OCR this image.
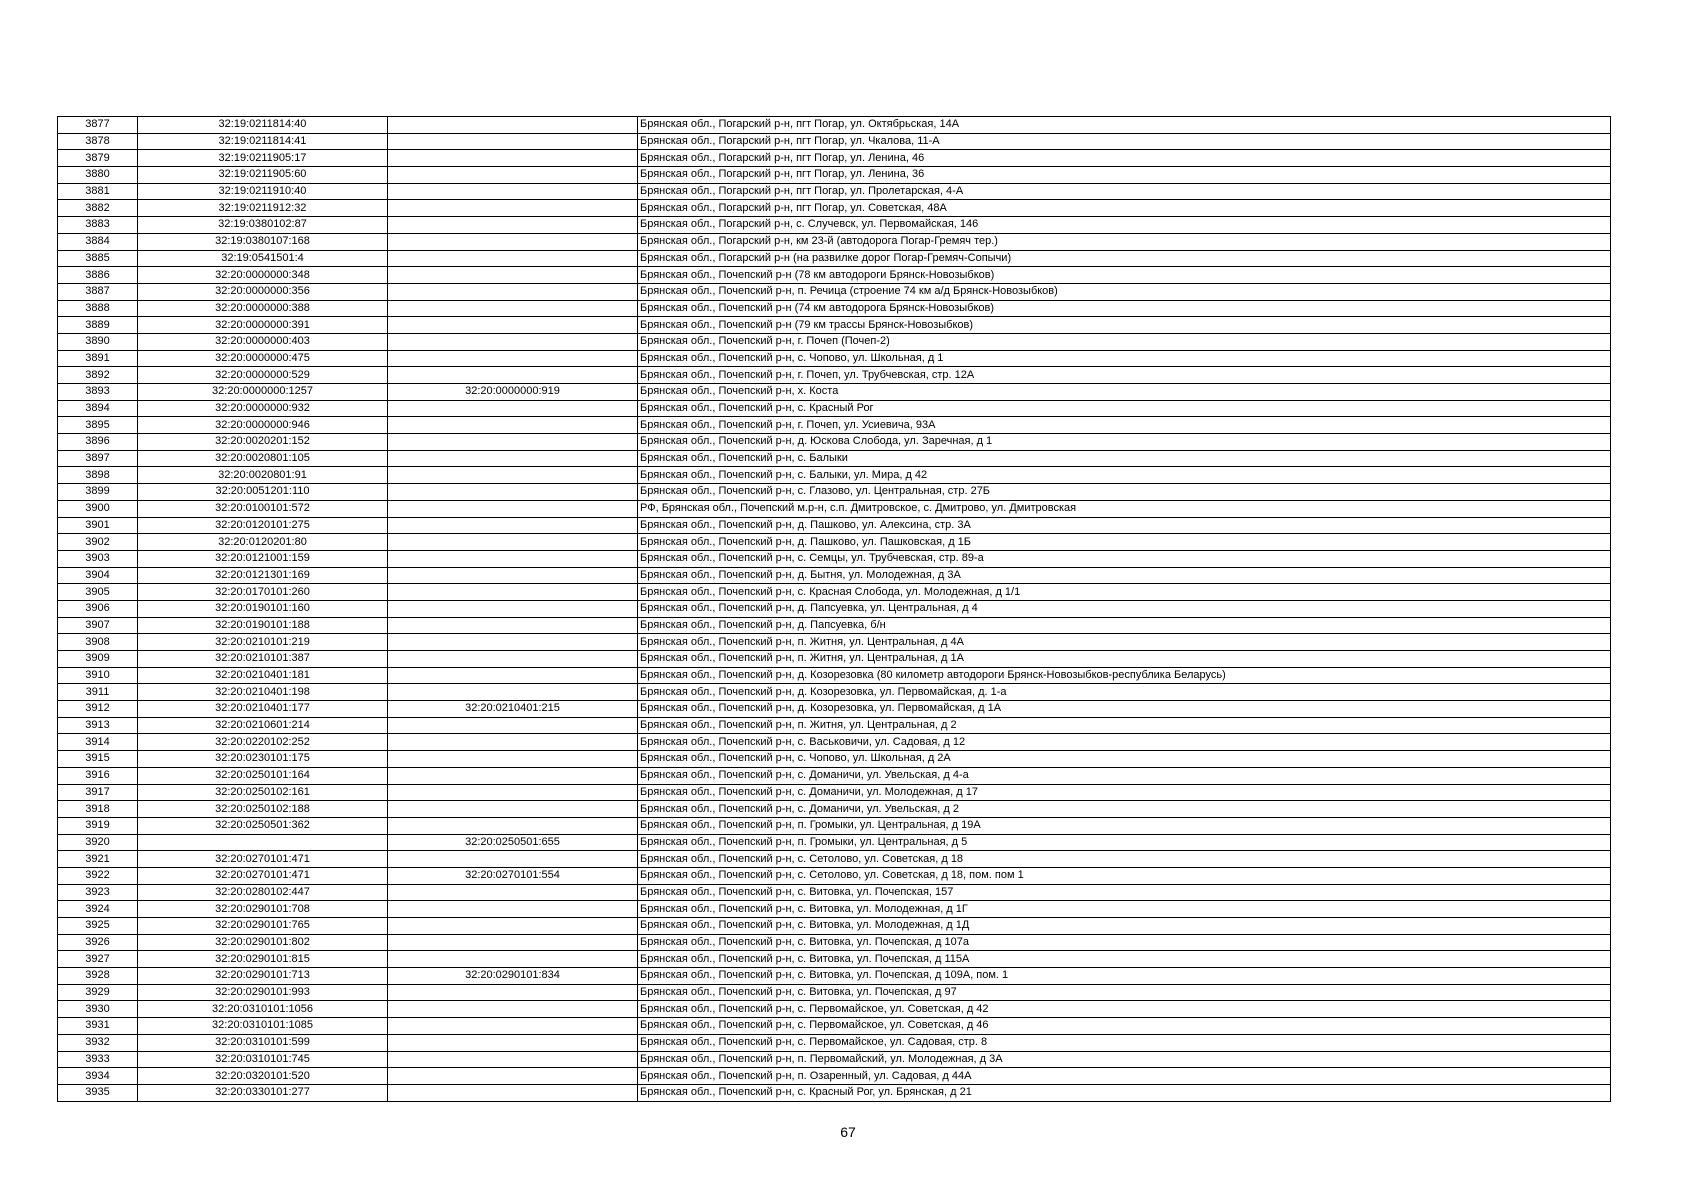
3877	32:19:0211814:40		Брянская обл., Погарский р-н, пгт Погар, ул. Октябрьская, 14А
3878	32:19:0211814:41		Брянская обл., Погарский р-н, пгт Погар, ул. Чкалова, 11-А
3879	32:19:0211905:17		Брянская обл., Погарский р-н, пгт Погар, ул. Ленина, 46
3880	32:19:0211905:60		Брянская обл., Погарский р-н, пгт Погар, ул. Ленина, 36
3881	32:19:0211910:40		Брянская обл., Погарский р-н, пгт Погар, ул. Пролетарская, 4-А
3882	32:19:0211912:32		Брянская обл., Погарский р-н, пгт Погар, ул. Советская, 48А
3883	32:19:0380102:87		Брянская обл., Погарский р-н, с. Случевск, ул. Первомайская, 146
3884	32:19:0380107:168		Брянская обл., Погарский р-н, км 23-й (автодорога Погар-Гремяч тер.)
3885	32:19:0541501:4		Брянская обл., Погарский р-н (на развилке дорог Погар-Гремяч-Сопычи)
3886	32:20:0000000:348		Брянская обл., Почепский р-н (78 км автодороги Брянск-Новозыбков)
3887	32:20:0000000:356		Брянская обл., Почепский р-н, п. Речица (строение 74 км а/д Брянск-Новозыбков)
3888	32:20:0000000:388		Брянская обл., Почепский р-н (74 км автодорога Брянск-Новозыбков)
3889	32:20:0000000:391		Брянская обл., Почепский р-н (79 км трассы Брянск-Новозыбков)
3890	32:20:0000000:403		Брянская обл., Почепский р-н, г. Почеп (Почеп-2)
3891	32:20:0000000:475		Брянская обл., Почепский р-н, с. Чопово, ул. Школьная, д 1
3892	32:20:0000000:529		Брянская обл., Почепский р-н, г. Почеп, ул. Трубчевская, стр. 12А
3893	32:20:0000000:1257	32:20:0000000:919	Брянская обл., Почепский р-н, х. Коста
3894	32:20:0000000:932		Брянская обл., Почепский р-н, с. Красный Рог
3895	32:20:0000000:946		Брянская обл., Почепский р-н, г. Почеп, ул. Усиевича, 93А
3896	32:20:0020201:152		Брянская обл., Почепский р-н, д. Юскова Слобода, ул. Заречная, д 1
3897	32:20:0020801:105		Брянская обл., Почепский р-н, с. Балыки
3898	32:20:0020801:91		Брянская обл., Почепский р-н, с. Балыки, ул. Мира, д 42
3899	32:20:0051201:110		Брянская обл., Почепский р-н, с. Глазово, ул. Центральная, стр. 27Б
3900	32:20:0100101:572		РФ, Брянская обл., Почепский м.р-н, с.п. Дмитровское, с. Дмитрово, ул. Дмитровская
3901	32:20:0120101:275		Брянская обл., Почепский р-н, д. Пашково, ул. Алексина, стр. 3А
3902	32:20:0120201:80		Брянская обл., Почепский р-н, д. Пашково, ул. Пашковская, д 1Б
3903	32:20:0121001:159		Брянская обл., Почепский р-н, с. Семцы, ул. Трубчевская, стр. 89-а
3904	32:20:0121301:169		Брянская обл., Почепский р-н, д. Бытня, ул. Молодежная, д 3А
3905	32:20:0170101:260		Брянская обл., Почепский р-н, с. Красная Слобода, ул. Молодежная, д 1/1
3906	32:20:0190101:160		Брянская обл., Почепский р-н, д. Папсуевка, ул. Центральная, д 4
3907	32:20:0190101:188		Брянская обл., Почепский р-н, д. Папсуевка, б/н
3908	32:20:0210101:219		Брянская обл., Почепский р-н, п. Житня, ул. Центральная, д 4А
3909	32:20:0210101:387		Брянская обл., Почепский р-н, п. Житня, ул. Центральная, д 1А
3910	32:20:0210401:181		Брянская обл., Почепский р-н, д. Козорезовка (80 километр автодороги Брянск-Новозыбков-республика Беларусь)
3911	32:20:0210401:198		Брянская обл., Почепский р-н, д. Козорезовка, ул. Первомайская, д. 1-а
3912	32:20:0210401:177	32:20:0210401:215	Брянская обл., Почепский р-н, д. Козорезовка, ул. Первомайская, д 1А
3913	32:20:0210601:214		Брянская обл., Почепский р-н, п. Житня, ул. Центральная, д 2
3914	32:20:0220102:252		Брянская обл., Почепский р-н, с. Васьковичи, ул. Садовая, д 12
3915	32:20:0230101:175		Брянская обл., Почепский р-н, с. Чопово, ул. Школьная, д 2А
3916	32:20:0250101:164		Брянская обл., Почепский р-н, с. Доманичи, ул. Увельская, д 4-а
3917	32:20:0250102:161		Брянская обл., Почепский р-н, с. Доманичи, ул. Молодежная, д 17
3918	32:20:0250102:188		Брянская обл., Почепский р-н, с. Доманичи, ул. Увельская, д 2
3919	32:20:0250501:362		Брянская обл., Почепский р-н, п. Громыки, ул. Центральная, д 19А
3920		32:20:0250501:655	Брянская обл., Почепский р-н, п. Громыки, ул. Центральная, д 5
3921	32:20:0270101:471		Брянская обл., Почепский р-н, с. Сетолово, ул. Советская, д 18
3922	32:20:0270101:471	32:20:0270101:554	Брянская обл., Почепский р-н, с. Сетолово, ул. Советская, д 18, пом. пом 1
3923	32:20:0280102:447		Брянская обл., Почепский р-н, с. Витовка, ул. Почепская, 157
3924	32:20:0290101:708		Брянская обл., Почепский р-н, с. Витовка, ул. Молодежная, д 1Г
3925	32:20:0290101:765		Брянская обл., Почепский р-н, с. Витовка, ул. Молодежная, д 1Д
3926	32:20:0290101:802		Брянская обл., Почепский р-н, с. Витовка, ул. Почепская, д 107а
3927	32:20:0290101:815		Брянская обл., Почепский р-н, с. Витовка, ул. Почепская, д 115А
3928	32:20:0290101:713	32:20:0290101:834	Брянская обл., Почепский р-н, с. Витовка, ул. Почепская, д 109А, пом. 1
3929	32:20:0290101:993		Брянская обл., Почепский р-н, с. Витовка, ул. Почепская, д 97
3930	32:20:0310101:1056		Брянская обл., Почепский р-н, с. Первомайское, ул. Советская, д 42
3931	32:20:0310101:1085		Брянская обл., Почепский р-н, с. Первомайское, ул. Советская, д 46
3932	32:20:0310101:599		Брянская обл., Почепский р-н, с. Первомайское, ул. Садовая, стр. 8
3933	32:20:0310101:745		Брянская обл., Почепский р-н, п. Первомайский, ул. Молодежная, д 3А
3934	32:20:0320101:520		Брянская обл., Почепский р-н, п. Озаренный, ул. Садовая, д 44А
3935	32:20:0330101:277		Брянская обл., Почепский р-н, с. Красный Рог, ул. Брянская, д 21
67
